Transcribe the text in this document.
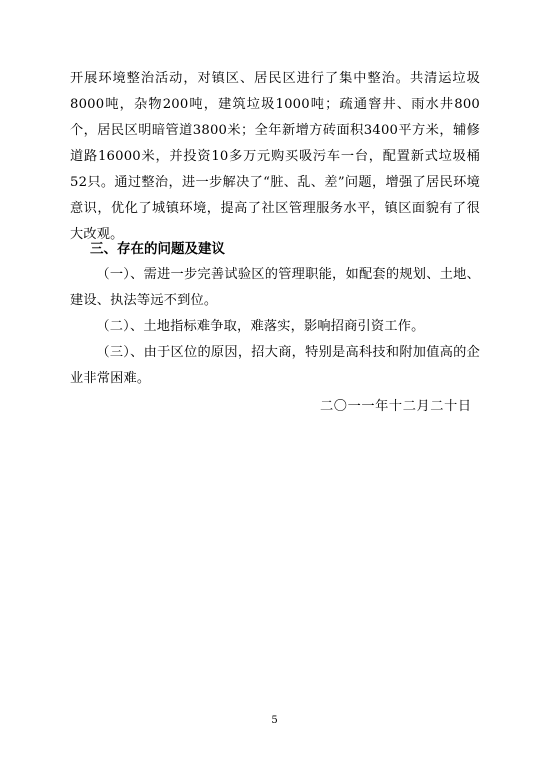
开展环境整治活动，对镇区、居民区进行了集中整治。共清运垃圾8000吨，杂物200吨，建筑垃圾1000吨；疏通窨井、雨水井800个，居民区明暗管道3800米；全年新增方砖面积3400平方米，辅修道路16000米，并投资10多万元购买吸污车一台，配置新式垃圾桶52只。通过整治，进一步解决了“脏、乱、差”问题，增强了居民环境意识，优化了城镇环境，提高了社区管理服务水平，镇区面貌有了很大改观。

三、存在的问题及建议

（一）、需进一步完善试验区的管理职能，如配套的规划、土地、建设、执法等远不到位。

（二）、土地指标难争取，难落实，影响招商引资工作。

（三）、由于区位的原因，招大商，特别是高科技和附加值高的企业非常困难。

二〇一一年十二月二十日

5
